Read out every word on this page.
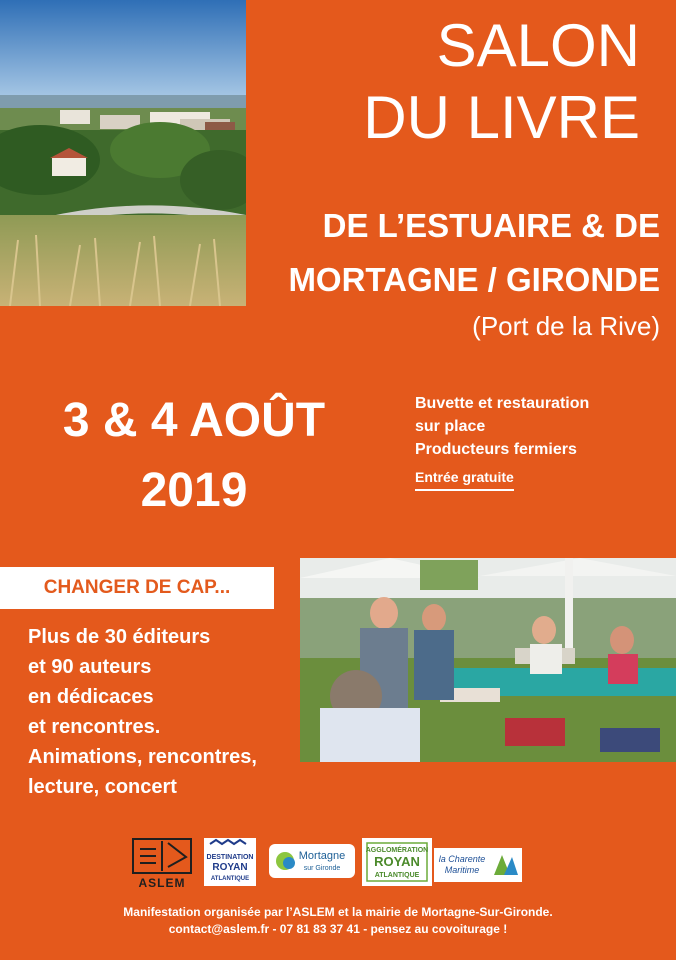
SALON
DU LIVRE
DE L’ESTUAIRE & DE
MORTAGNE / GIRONDE
(Port de la Rive)
3 & 4 AOÛT
2019
Buvette et restauration
sur place
Producteurs fermiers
Entrée gratuite
CHANGER DE CAP...
Plus de 30 éditeurs
et 90 auteurs
en dédicaces
et rencontres.
Animations, rencontres,
lecture, concert
ASLEM
DESTINATION
ROYAN
ATLANTIQUE
Mortagne
sur Gironde
AGGLOMÉRATION
ROYAN
ATLANTIQUE
la Charente
Maritime
Manifestation organisée par l’ASLEM et la mairie de Mortagne-Sur-Gironde.
contact@aslem.fr - 07 81 83 37 41 - pensez au covoiturage !
